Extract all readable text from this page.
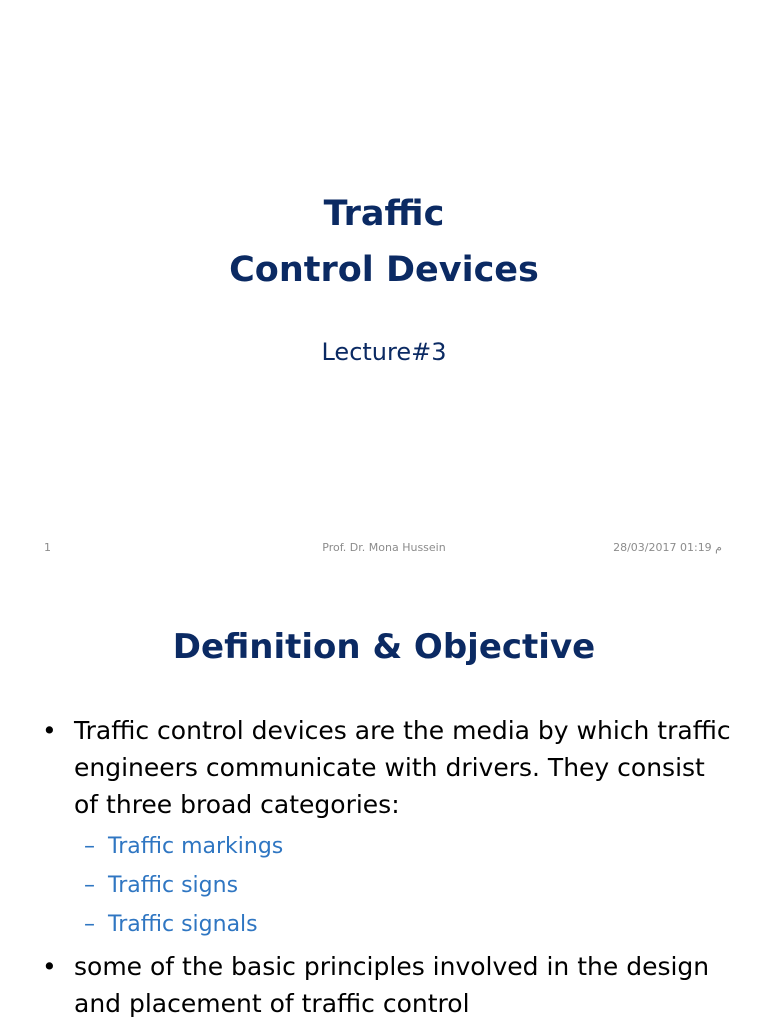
Traffic
Control Devices
Lecture#3
1	Prof. Dr. Mona Hussein	م 01:19 28/03/2017
Definition & Objective
• Traffic control devices are the media by which traffic engineers communicate with drivers. They consist of three broad categories:
– Traffic markings
– Traffic signs
– Traffic signals
• some of the basic principles involved in the design and placement of traffic control
